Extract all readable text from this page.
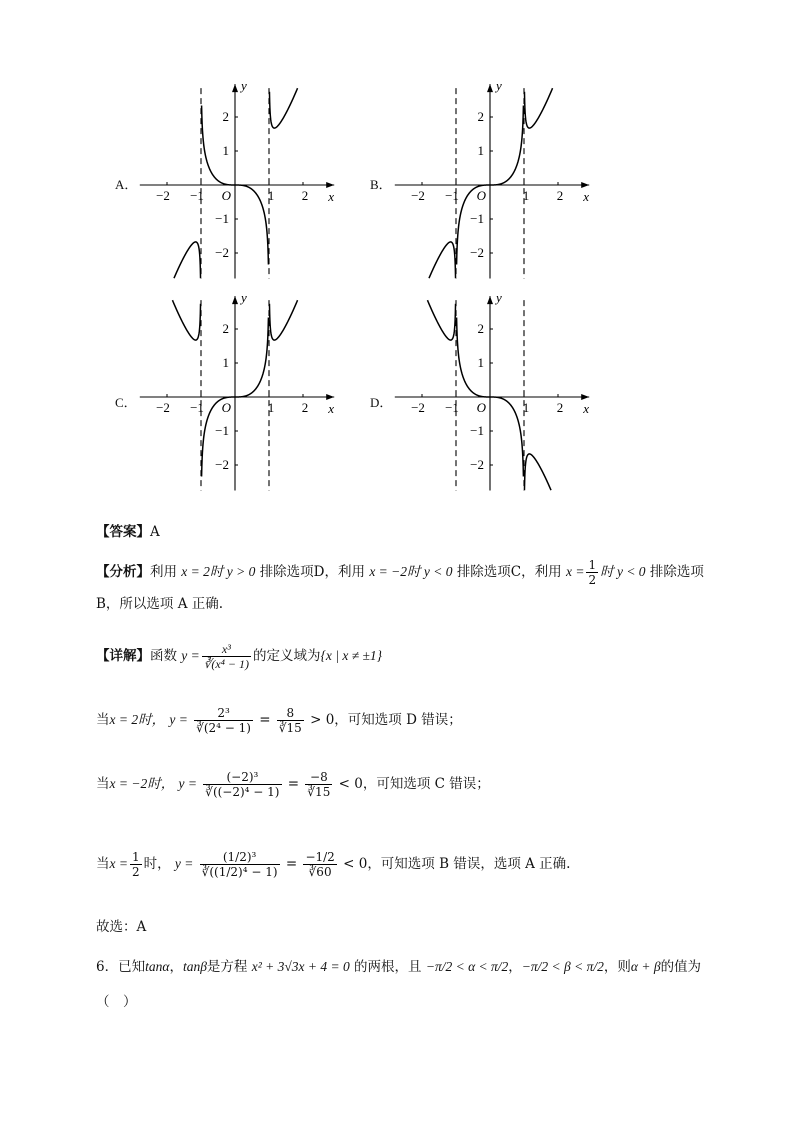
A．	B．
C．	D．
−2 −1	1 2
2
1
−1
−2
O	x
y
−2 −1	1 2
2
1
−1
−2
O	x
y
−2 −1	1 2
2
1
−1
−2
O	x
y
−2 −1	1 2
2
1
−1
−2
O	x
y
【答案】A
【分析】利用 x = 2时 y > 0 排除选项D，利用 x = −2时 y < 0 排除选项C，利用 $x = \frac{1}{2}$ 时 y < 0 排除选项
B，所以选项 A 正确.
【详解】函数 $y = \frac{\text{x³}}{\text{∛(x⁴ − 1)}}$ 的定义域为{x | x ≠ ±1}
当x = 2时， $y = \frac{\text{2³}}{\text{∛(2⁴ − 1)}} = \frac{8}{∛15} > 0$，可知选项 D 错误；
当x = −2时， $y = \frac{\text{(−2)³}}{\text{∛((−2)⁴ − 1)}} = \frac{-8}{∛15} < 0$，可知选项 C 错误；
当$x = \frac{1}{2}$ 时， $y = \frac{\text{(1/2)³}}{\text{∛((1/2)⁴ − 1)}} = \frac{-1/2}{∛60} < 0$，可知选项 B 错误，选项 A 正确.
故选：A
6．已知tanα，tanβ是方程 x² + 3√3x + 4 = 0 的两根，且 −π/2 < α < π/2，−π/2 < β < π/2，则α + β的值为
（　）
